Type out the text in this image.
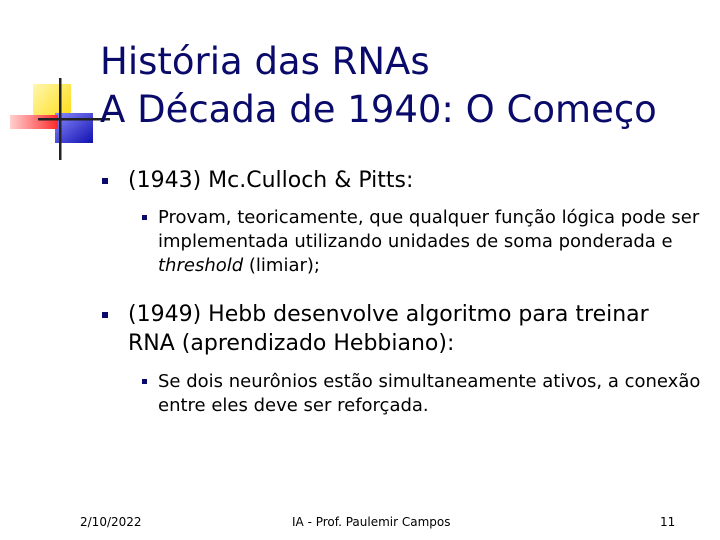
História das RNAs
A Década de 1940: O Começo
(1943) Mc.Culloch & Pitts:
Provam, teoricamente, que qualquer função lógica pode ser implementada utilizando unidades de soma ponderada e threshold (limiar);
(1949) Hebb desenvolve algoritmo para treinar RNA (aprendizado Hebbiano):
Se dois neurônios estão simultaneamente ativos, a conexão entre eles deve ser reforçada.
2/10/2022	IA - Prof. Paulemir Campos	11
